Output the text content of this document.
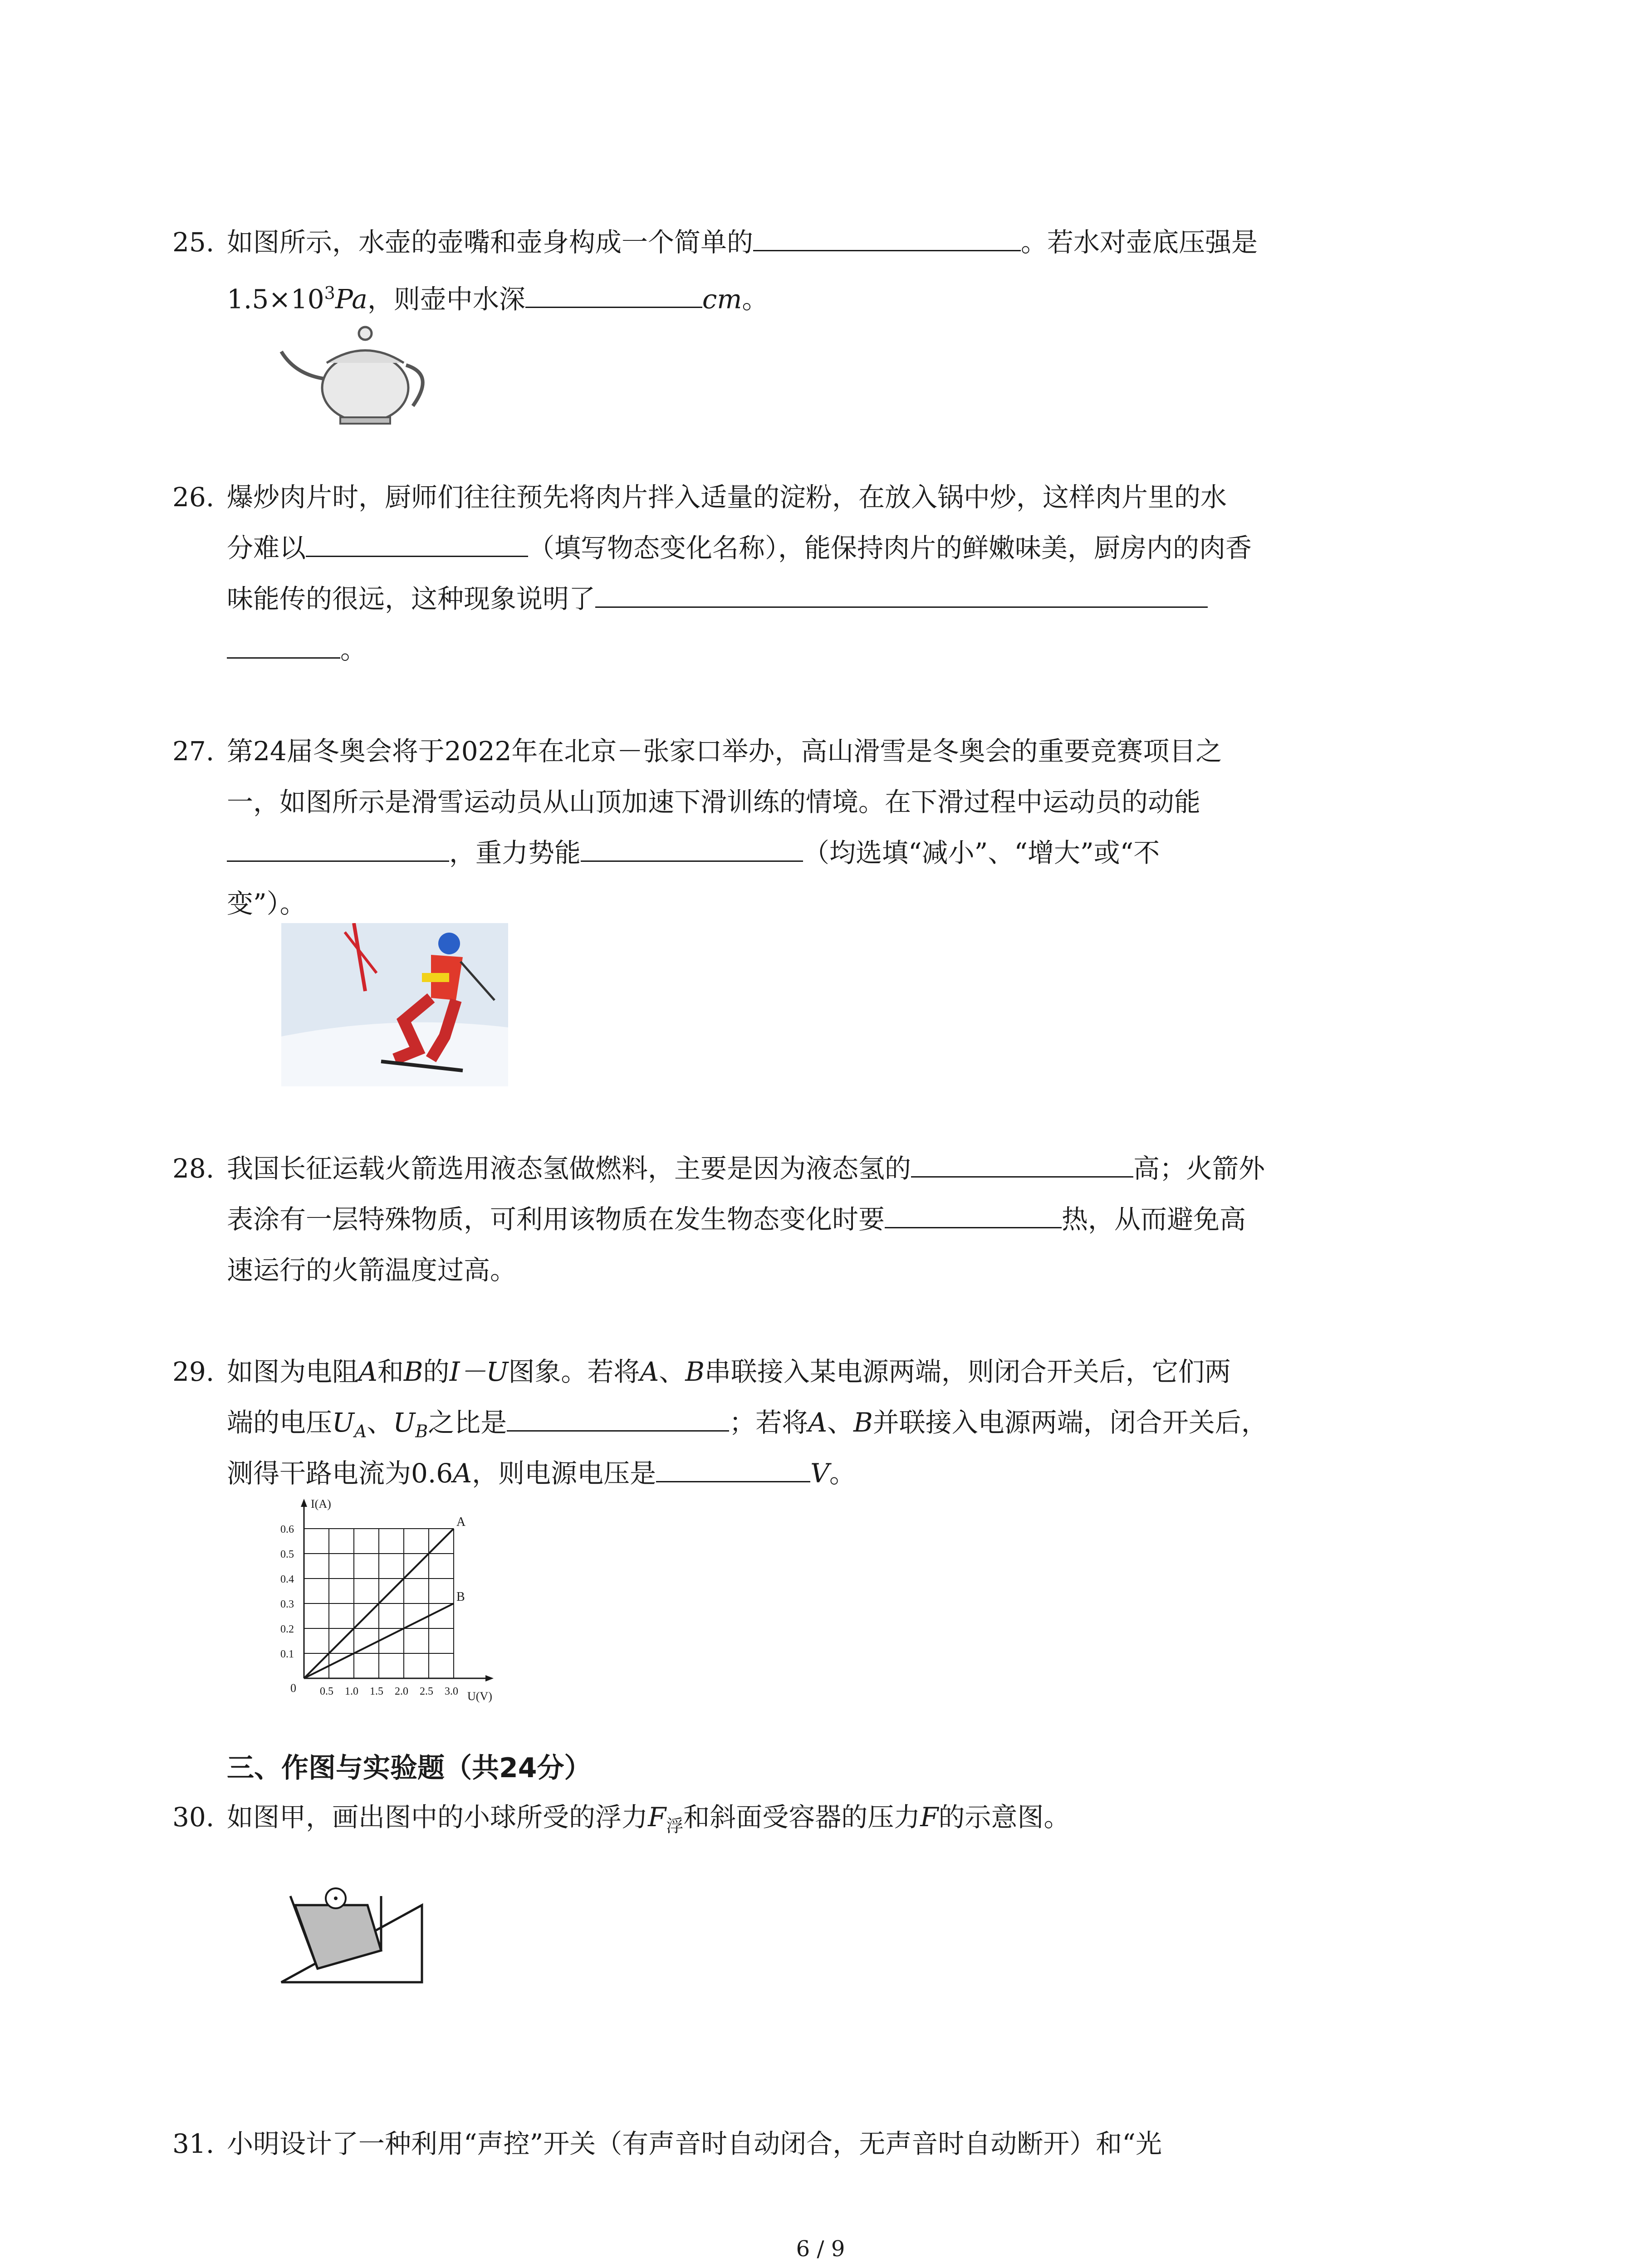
25. 如图所示，水壶的壶嘴和壶身构成一个简单的	。若水对壶底压强是
$1.5\times 10^3Pa$，则壶中水深	cm。
26. 爆炒肉片时，厨师们往往预先将肉片拌入适量的淀粉，在放入锅中炒，这样肉片里的水
分难以	（填写物态变化名称），能保持肉片的鲜嫩味美，厨房内的肉香
味能传的很远，这种现象说明了
。
27. 第24届冬奥会将于2022年在北京－张家口举办，高山滑雪是冬奥会的重要竞赛项目之
一，如图所示是滑雪运动员从山顶加速下滑训练的情境。在下滑过程中运动员的动能
，重力势能	（均选填“减小”、“增大”或“不
变”）。
28. 我国长征运载火箭选用液态氢做燃料，主要是因为液态氢的	高；火箭外
表涂有一层特殊物质，可利用该物质在发生物态变化时要	热，从而避免高
速运行的火箭温度过高。
29. 如图为电阻A和B的I－U图象。若将A、B串联接入某电源两端，则闭合开关后，它们两
端的电压$U_A$、$U_B$之比是	；若将A、B并联接入电源两端，闭合开关后，
测得干路电流为0.6A，则电源电压是	V。
0.5 1.0 1.5 2.0 2.5 3.0
0.6
0.5
0.4
0.3
0.2
0.1
I(A)
U(V)
0
A
B
三、作图与实验题（共24分）
30. 如图甲，画出图中的小球所受的浮力$F_浮$和斜面受容器的压力F的示意图。
31. 小明设计了一种利用“声控”开关（有声音时自动闭合，无声音时自动断开）和“光
6 / 9
